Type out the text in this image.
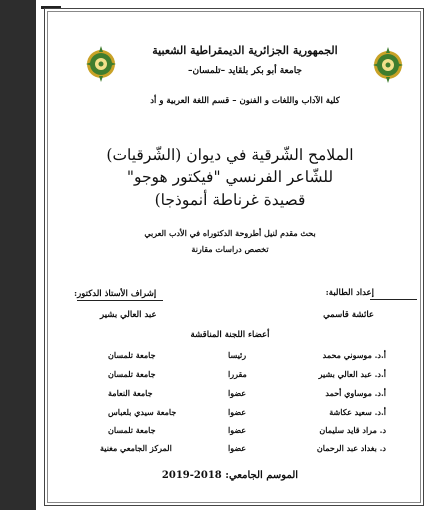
الجمهورية الجزائرية الديمقراطية الشعبية
جامعة أبو بكر بلقايد –تلمسان–
كلية الآداب واللغات و الفنون – قسم اللغة العربية و أد
الملامح الشّرقية في ديوان (الشّرقيات)
للشّاعر الفرنسي "فيكتور هوجو"
قصيدة غرناطة أنموذجا)
بحث مقدم لنيل أطروحة الدكتوراه في الأدب العربي
تخصص دراسات مقارنة
إعداد الطالبة:
عائشة قاسمي
إشراف الأستاذ الدكتور:
عبد العالي بشير
أعضاء اللجنة المناقشة
أ.د. موسوني محمد
رئيسا
جامعة تلمسان
أ.د. عبد العالي بشير
مقررا
جامعة تلمسان
أ.د. موساوي أحمد
عضوا
جامعة النعامة
أ.د. سعيد عكاشة
عضوا
جامعة سيدي بلعباس
د. مراد قايد سليمان
عضوا
جامعة تلمسان
د. بغداد عبد الرحمان
عضوا
المركز الجامعي مغنية
الموسم الجامعي: 2018-2019
